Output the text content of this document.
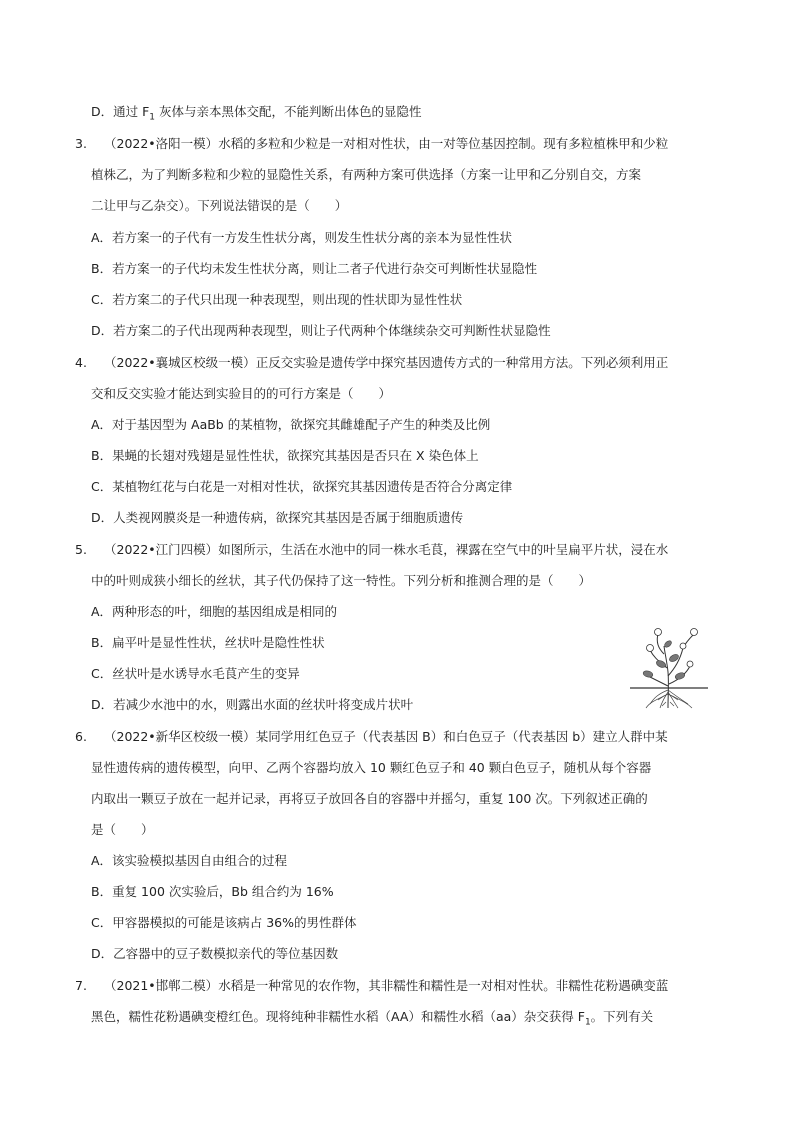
D．通过 $F_1$ 灰体与亲本黑体交配，不能判断出体色的显隐性
3. （2022•洛阳一模）水稻的多粒和少粒是一对相对性状，由一对等位基因控制。现有多粒植株甲和少粒
植株乙，为了判断多粒和少粒的显隐性关系，有两种方案可供选择（方案一让甲和乙分别自交，方案
二让甲与乙杂交）。下列说法错误的是（　　）
A．若方案一的子代有一方发生性状分离，则发生性状分离的亲本为显性性状
B．若方案一的子代均未发生性状分离，则让二者子代进行杂交可判断性状显隐性
C．若方案二的子代只出现一种表现型，则出现的性状即为显性性状
D．若方案二的子代出现两种表现型，则让子代两种个体继续杂交可判断性状显隐性
4. （2022•襄城区校级一模）正反交实验是遗传学中探究基因遗传方式的一种常用方法。下列必须利用正
交和反交实验才能达到实验目的的可行方案是（　　）
A．对于基因型为 AaBb 的某植物，欲探究其雌雄配子产生的种类及比例
B．果蝇的长翅对残翅是显性性状，欲探究其基因是否只在 X 染色体上
C．某植物红花与白花是一对相对性状，欲探究其基因遗传是否符合分离定律
D．人类视网膜炎是一种遗传病，欲探究其基因是否属于细胞质遗传
5. （2022•江门四模）如图所示，生活在水池中的同一株水毛茛，裸露在空气中的叶呈扁平片状，浸在水
中的叶则成狭小细长的丝状，其子代仍保持了这一特性。下列分析和推测合理的是（　　）
A．两种形态的叶，细胞的基因组成是相同的
B．扁平叶是显性性状，丝状叶是隐性性状
C．丝状叶是水诱导水毛茛产生的变异
D．若减少水池中的水，则露出水面的丝状叶将变成片状叶
6. （2022•新华区校级一模）某同学用红色豆子（代表基因 B）和白色豆子（代表基因 b）建立人群中某
显性遗传病的遗传模型，向甲、乙两个容器均放入 10 颗红色豆子和 40 颗白色豆子，随机从每个容器
内取出一颗豆子放在一起并记录，再将豆子放回各自的容器中并摇匀，重复 100 次。下列叙述正确的
是（　　）
A．该实验模拟基因自由组合的过程
B．重复 100 次实验后，Bb 组合约为 16%
C．甲容器模拟的可能是该病占 36%的男性群体
D．乙容器中的豆子数模拟亲代的等位基因数
7. （2021•邯郸二模）水稻是一种常见的农作物，其非糯性和糯性是一对相对性状。非糯性花粉遇碘变蓝
黑色，糯性花粉遇碘变橙红色。现将纯种非糯性水稻（AA）和糯性水稻（aa）杂交获得 $F_1$。下列有关
